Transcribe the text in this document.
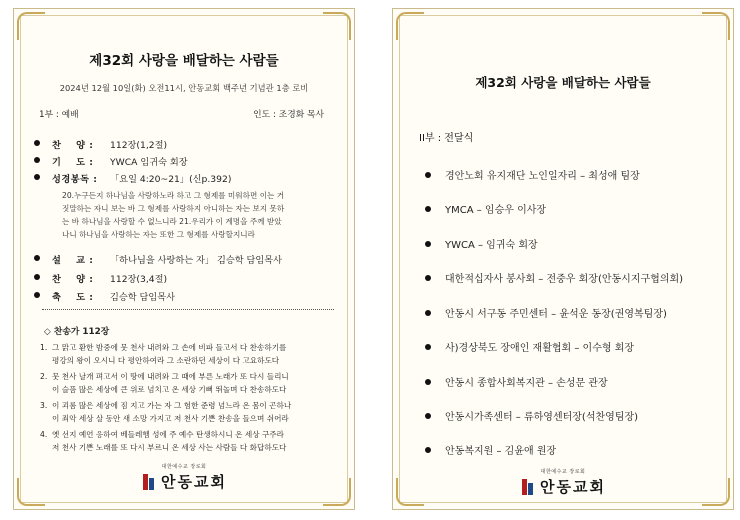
제32회 사랑을 배달하는 사람들
2024년 12월 10일(화) 오전11시, 안동교회 백주년 기념관 1층 로비
1부 : 예배	인도 : 조경화 목사
찬    양 :	112장(1,2절)
기    도 :	YWCA 임귀숙 회장
성경봉독 :	「요일 4:20~21」(신p.392)
20.누구든지 하나님을 사랑하노라 하고 그 형제를 미워하면 이는 거
짓말하는 자니 보는 바 그 형제를 사랑하지 아니하는 자는 보지 못하
는 바 하나님을 사랑할 수 없느니라 21.우리가 이 계명을 주께 받았
나니 하나님을 사랑하는 자는 또한 그 형제를 사랑할지니라
설    교 :	「하나님을 사랑하는 자」 김승학 담임목사
찬    양 :	112장(3,4절)
축    도 :	김승학 담임목사
◇ 찬송가 112장
1. 그 맑고 환한 밤중에 뭇 천사 내려와 그 손에 비파 들고서 다 찬송하기를
평강의 왕이 오시니 다 평안하여라 그 소란하던 세상이 다 고요하도다
2. 뭇 천사 날개 펴고서 이 땅에 내려와 그 때에 부른 노래가 또 다시 들리니
이 슬픔 많은 세상에 큰 위로 넘치고 온 세상 기뻐 뛰놀며 다 찬송하도다
3. 이 괴롬 많은 세상에 짐 지고 가는 자 그 험한 준령 넘느라 온 몸이 곤하나
이 죄악 세상 살 동안 새 소망 가지고 저 천사 기쁜 찬송을 들으며 쉬어라
4. 옛 선지 예언 응하여 베들레헴 성에 주 예수 탄생하시니 온 세상 구주라
저 천사 기쁜 노래를 또 다시 부르니 온 세상 사는 사람들 다 화답하도다
대한예수교 장로회
안동교회
제32회 사랑을 배달하는 사람들
II부 : 전달식
경안노회 유지재단 노인일자리 – 최성애 팀장
YMCA – 임승우 이사장
YWCA – 임귀숙 회장
대한적십자사 봉사회 – 전중우 회장(안동시지구협의회)
안동시 서구동 주민센터 – 윤석운 동장(권영복팀장)
사)경상북도 장애인 재활협회 – 이수형 회장
안동시 종합사회복지관 – 손성문 관장
안동시가족센터 – 류하영센터장(석찬영팀장)
안동복지원 – 김윤애 원장
대한예수교 장로회
안동교회
